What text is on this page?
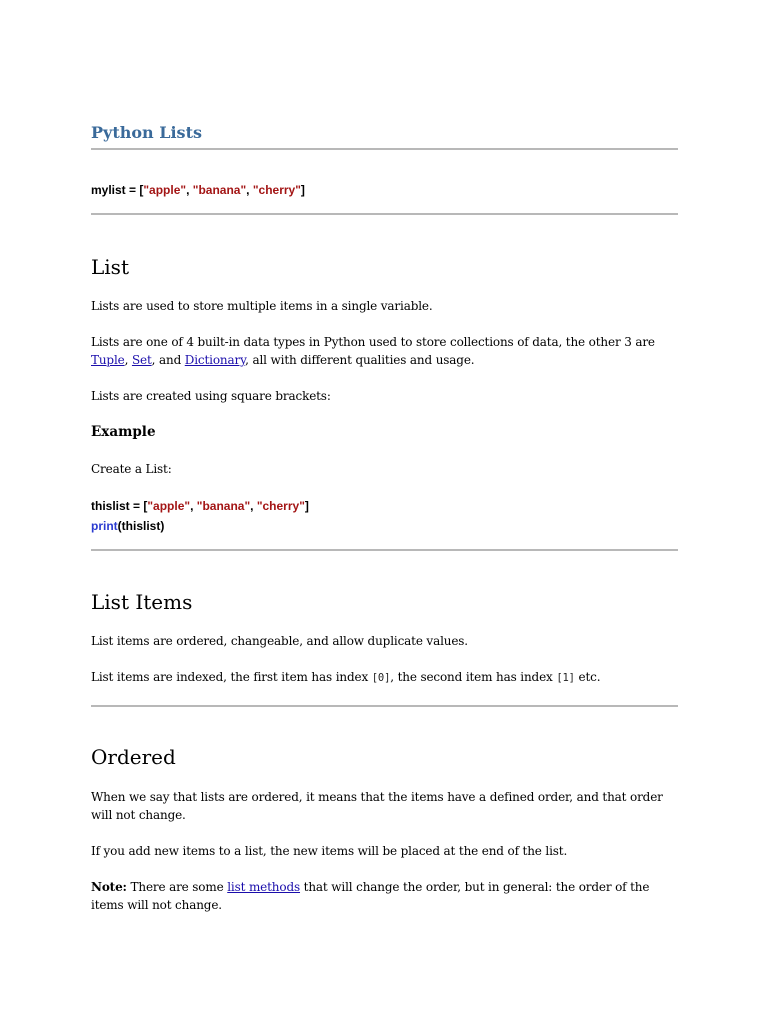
Python Lists
mylist = ["apple", "banana", "cherry"]
List

Lists are used to store multiple items in a single variable.

Lists are one of 4 built-in data types in Python used to store collections of data, the other 3 are Tuple, Set, and Dictionary, all with different qualities and usage.

Lists are created using square brackets:

Example

Create a List:

thislist = ["apple", "banana", "cherry"]
print(thislist)
List Items

List items are ordered, changeable, and allow duplicate values.

List items are indexed, the first item has index [0], the second item has index [1] etc.

Ordered

When we say that lists are ordered, it means that the items have a defined order, and that order will not change.

If you add new items to a list, the new items will be placed at the end of the list.

Note: There are some list methods that will change the order, but in general: the order of the items will not change.
